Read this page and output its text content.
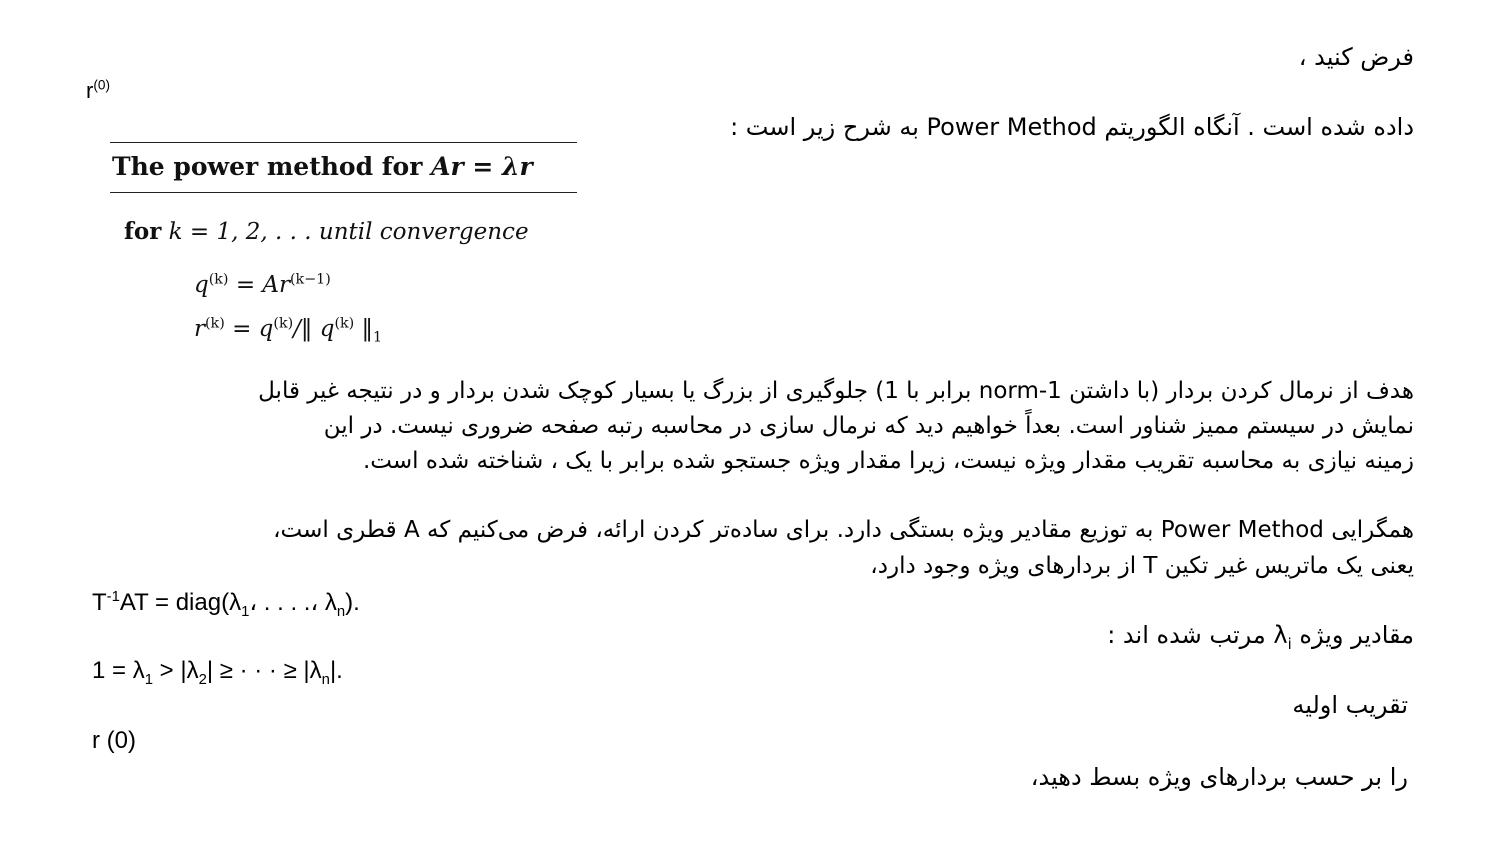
فرض کنید ،

$r^{(0)}$

داده شده است . آنگاه الگوریتم Power Method به شرح زیر است :

The power method for Ar = λr
for k = 1, 2, . . . until convergence
$q^{(k)} = Ar^{(k-1)}$
$r^{(k)}$ = $q^{(k)}/‖$ $q^{(k)}$ $‖_1$
هدف از نرمال کردن بردار (با داشتن norm-1 برابر با 1) جلوگیری از بزرگ یا بسیار کوچک شدن بردار و در نتیجه غیر قابل
نمایش در سیستم ممیز شناور است. بعداً خواهیم دید که نرمال سازی در محاسبه رتبه صفحه ضروری نیست. در این
زمینه نیازی به محاسبه تقریب مقدار ویژه نیست، زیرا مقدار ویژه جستجو شده برابر با یک ، شناخته شده است.
همگرایی Power Method به توزیع مقادیر ویژه بستگی دارد. برای ساده‌تر کردن ارائه، فرض می‌کنیم که A قطری است،
یعنی یک ماتریس غیر تکین T از بردارهای ویژه وجود دارد،

$T^{-1}AT$ = $diag(\lambda_1،$ . . . .، $\lambda_n$).

مقادیر ویژه $\lambda_i$ مرتب شده اند :

$1 = \lambda_1 > |\lambda_2|$ ≥ · · · ≥ $|\lambda_n|$.

تقریب اولیه

r (0)

را بر حسب بردارهای ویژه بسط دهید،
